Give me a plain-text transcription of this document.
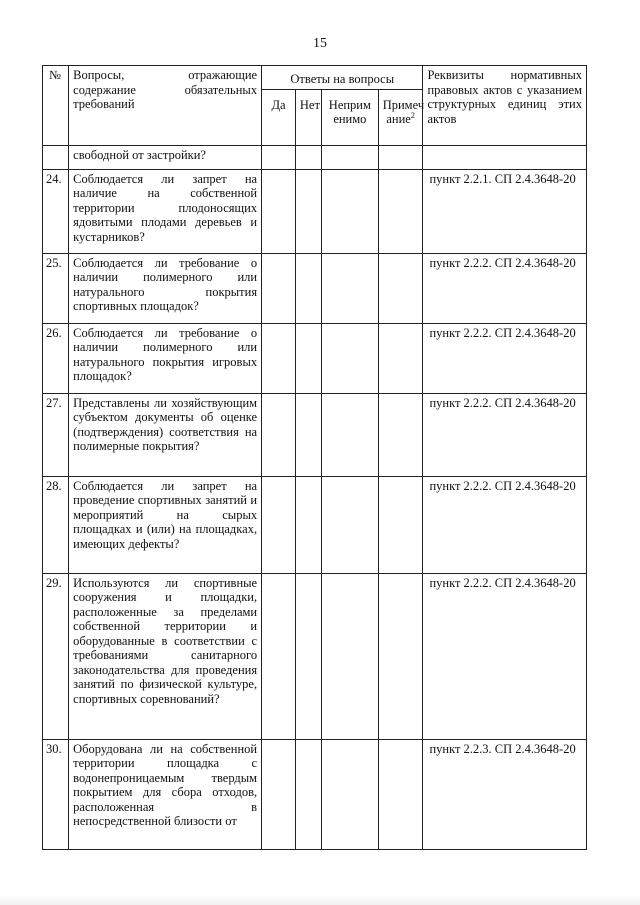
15
№	Вопросы, отражающие содержание обязательных требований	Ответы на вопросы				Реквизиты нормативных правовых актов с указанием структурных единиц этих актов
		Да	Нет	Неприм енимо	Примеч ание$^2$
	свободной от застройки?					
24.	Соблюдается ли запрет на наличие на собственной территории плодоносящих ядовитыми плодами деревьев и кустарников?					пункт 2.2.1. СП 2.4.3648-20
25.	Соблюдается ли требование о наличии полимерного или натурального покрытия спортивных площадок?					пункт 2.2.2. СП 2.4.3648-20
26.	Соблюдается ли требование о наличии полимерного или натурального покрытия игровых площадок?					пункт 2.2.2. СП 2.4.3648-20
27.	Представлены ли хозяйствующим субъектом документы об оценке (подтверждения) соответствия на полимерные покрытия?					пункт 2.2.2. СП 2.4.3648-20
28.	Соблюдается ли запрет на проведение спортивных занятий и мероприятий на сырых площадках и (или) на площадках, имеющих дефекты?					пункт 2.2.2. СП 2.4.3648-20
29.	Используются ли спортивные сооружения и площадки, расположенные за пределами собственной территории и оборудованные в соответствии с требованиями санитарного законодательства для проведения занятий по физической культуре, спортивных соревнований?					пункт 2.2.2. СП 2.4.3648-20
30.	Оборудована ли на собственной территории площадка с водонепроницаемым твердым покрытием для сбора отходов, расположенная в непосредственной близости от					пункт 2.2.3. СП 2.4.3648-20
